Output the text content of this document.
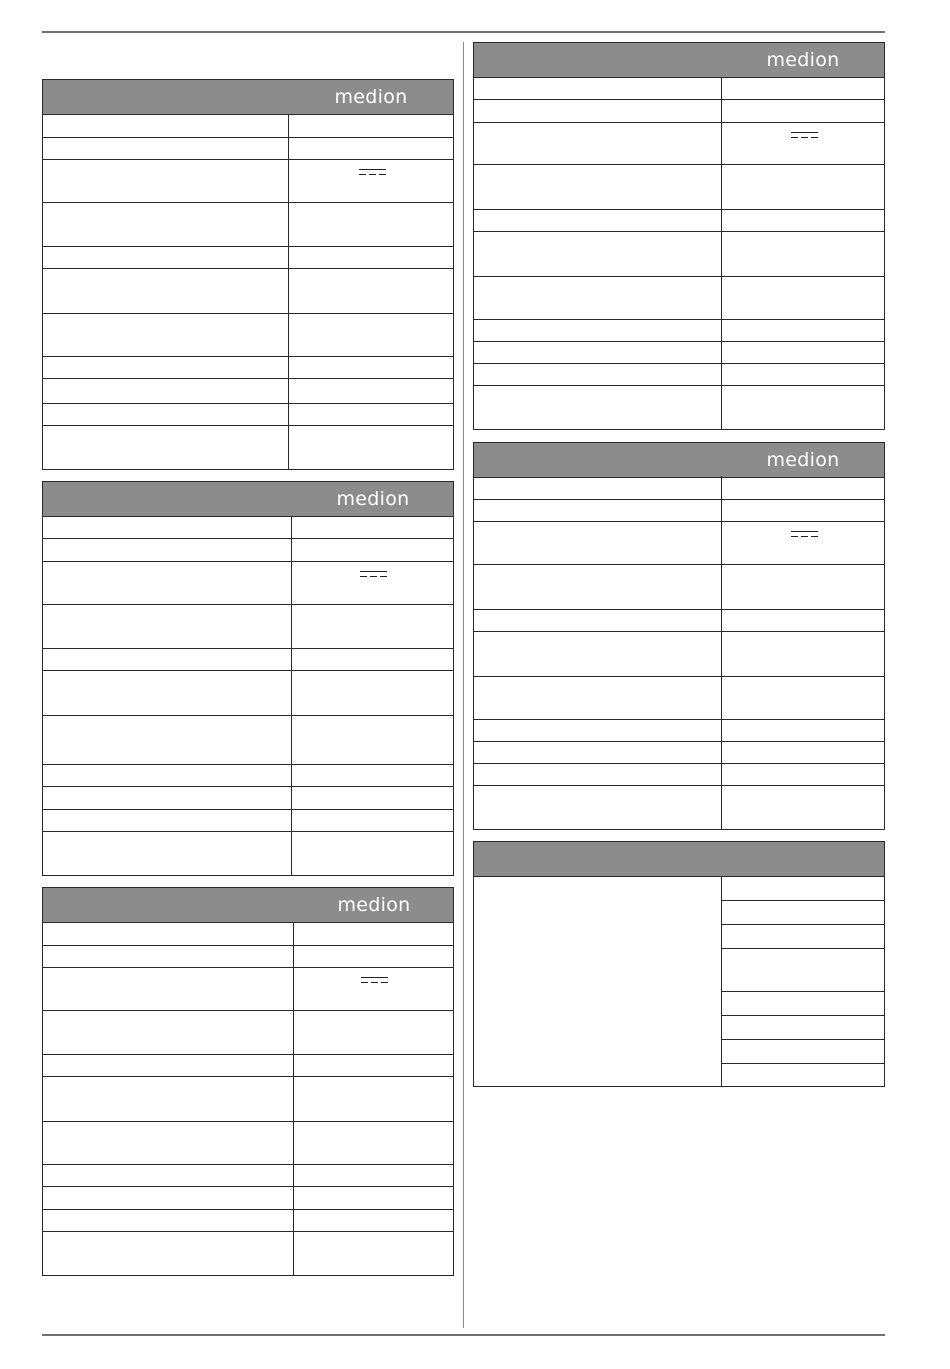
medion
medion
medion
medion
medion
